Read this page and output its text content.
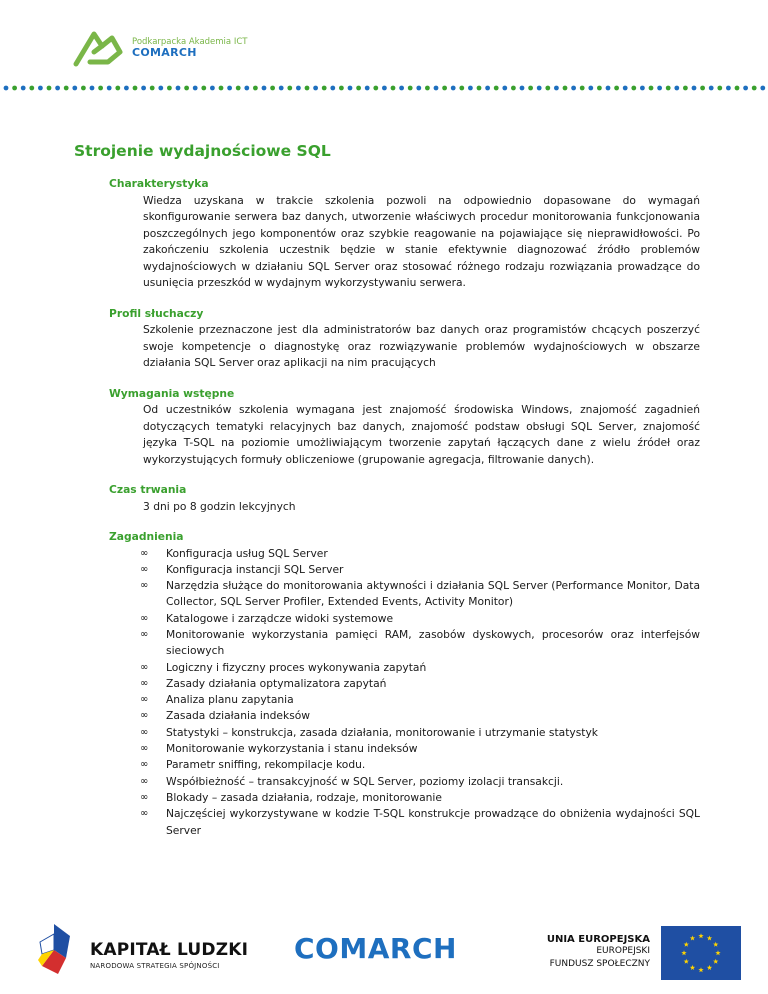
Podkarpacka Akademia ICT
COMARCH
Strojenie wydajnościowe SQL
Charakterystyka
Wiedza uzyskana w trakcie szkolenia pozwoli na odpowiednio dopasowane do wymagań skonfigurowanie serwera baz danych, utworzenie właściwych procedur monitorowania funkcjonowania poszczególnych jego komponentów oraz szybkie reagowanie na pojawiające się nieprawidłowości. Po zakończeniu szkolenia uczestnik będzie w stanie efektywnie diagnozować źródło problemów wydajnościowych w działaniu SQL Server oraz stosować różnego rodzaju rozwiązania prowadzące do usunięcia przeszkód w wydajnym wykorzystywaniu serwera.
Profil słuchaczy
Szkolenie przeznaczone jest dla administratorów baz danych oraz programistów chcących poszerzyć swoje kompetencje o diagnostykę oraz rozwiązywanie problemów wydajnościowych w obszarze działania SQL Server oraz aplikacji na nim pracujących
Wymagania wstępne
Od uczestników szkolenia wymagana jest znajomość środowiska Windows, znajomość zagadnień dotyczących tematyki relacyjnych baz danych, znajomość podstaw obsługi SQL Server, znajomość języka T-SQL na poziomie umożliwiającym tworzenie zapytań łączących dane z wielu źródeł oraz wykorzystujących formuły obliczeniowe (grupowanie agregacja, filtrowanie danych).
Czas trwania
3 dni po 8 godzin lekcyjnych
Zagadnienia
∞	Konfiguracja usług SQL Server
∞	Konfiguracja instancji SQL Server
∞	Narzędzia służące do monitorowania aktywności i działania SQL Server (Performance Monitor, Data Collector, SQL Server Profiler, Extended Events, Activity Monitor)
∞	Katalogowe i zarządcze widoki systemowe
∞	Monitorowanie wykorzystania pamięci RAM, zasobów dyskowych, procesorów oraz interfejsów sieciowych
∞	Logiczny i fizyczny proces wykonywania zapytań
∞	Zasady działania optymalizatora zapytań
∞	Analiza planu zapytania
∞	Zasada działania indeksów
∞	Statystyki – konstrukcja, zasada działania, monitorowanie i utrzymanie statystyk
∞	Monitorowanie wykorzystania i stanu indeksów
∞	Parametr sniffing, rekompilacje kodu.
∞	Współbieżność – transakcyjność w SQL Server, poziomy izolacji transakcji.
∞	Blokady – zasada działania, rodzaje, monitorowanie
∞	Najczęściej wykorzystywane w kodzie T-SQL konstrukcje prowadzące do obniżenia wydajności SQL Server
KAPITAŁ LUDZKI
NARODOWA STRATEGIA SPÓJNOŚCI
COMARCH	UNIA EUROPEJSKA
EUROPEJSKI
FUNDUSZ SPOŁECZNY
